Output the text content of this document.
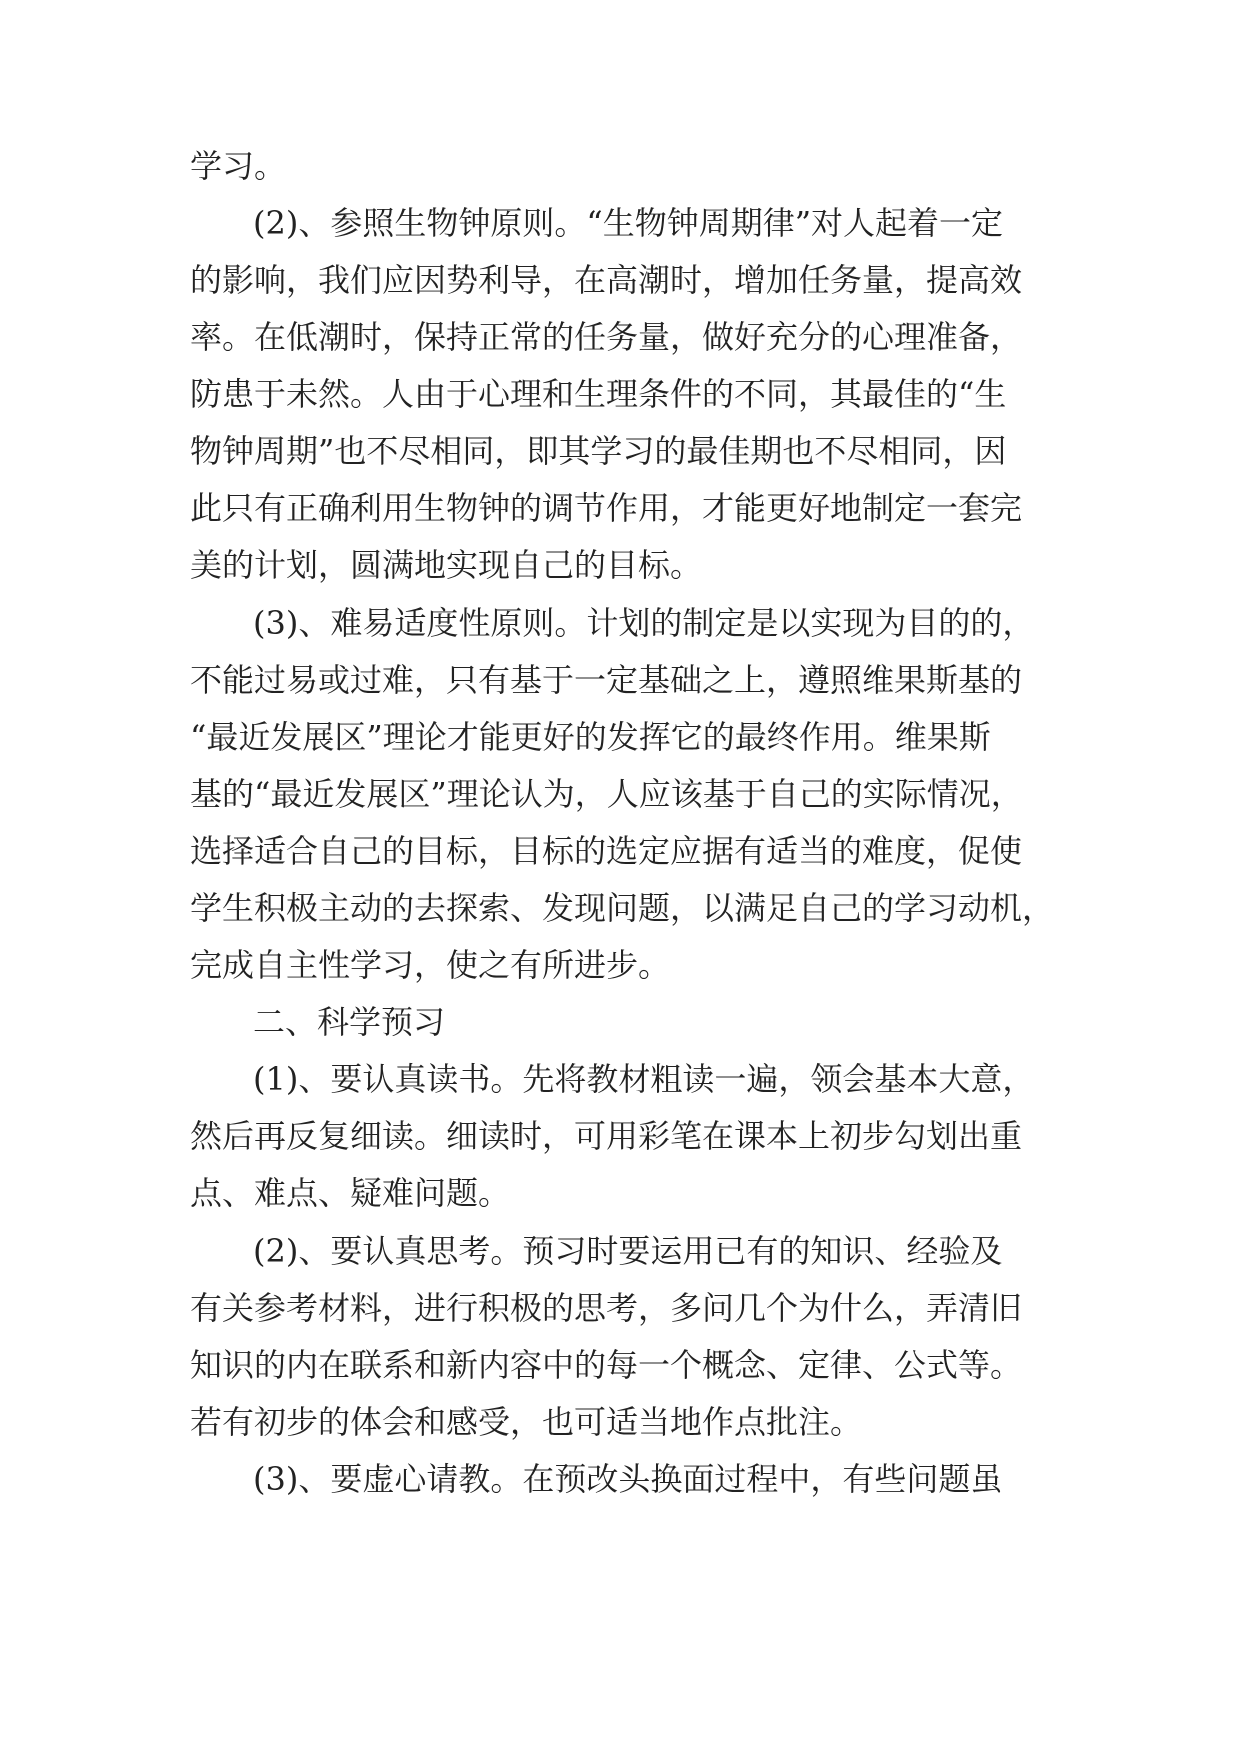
学习。

(2)、参照生物钟原则。“生物钟周期律”对人起着一定

的影响，我们应因势利导，在高潮时，增加任务量，提高效

率。在低潮时，保持正常的任务量，做好充分的心理准备，

防患于未然。人由于心理和生理条件的不同，其最佳的“生

物钟周期”也不尽相同，即其学习的最佳期也不尽相同，因

此只有正确利用生物钟的调节作用，才能更好地制定一套完

美的计划，圆满地实现自己的目标。

(3)、难易适度性原则。计划的制定是以实现为目的的，

不能过易或过难，只有基于一定基础之上，遵照维果斯基的

“最近发展区”理论才能更好的发挥它的最终作用。维果斯

基的“最近发展区”理论认为，人应该基于自己的实际情况，

选择适合自己的目标，目标的选定应据有适当的难度，促使

学生积极主动的去探索、发现问题，以满足自己的学习动机，

完成自主性学习，使之有所进步。

二、科学预习

(1)、要认真读书。先将教材粗读一遍，领会基本大意，

然后再反复细读。细读时，可用彩笔在课本上初步勾划出重

点、难点、疑难问题。

(2)、要认真思考。预习时要运用已有的知识、经验及

有关参考材料，进行积极的思考，多问几个为什么，弄清旧

知识的内在联系和新内容中的每一个概念、定律、公式等。

若有初步的体会和感受，也可适当地作点批注。

(3)、要虚心请教。在预改头换面过程中，有些问题虽
